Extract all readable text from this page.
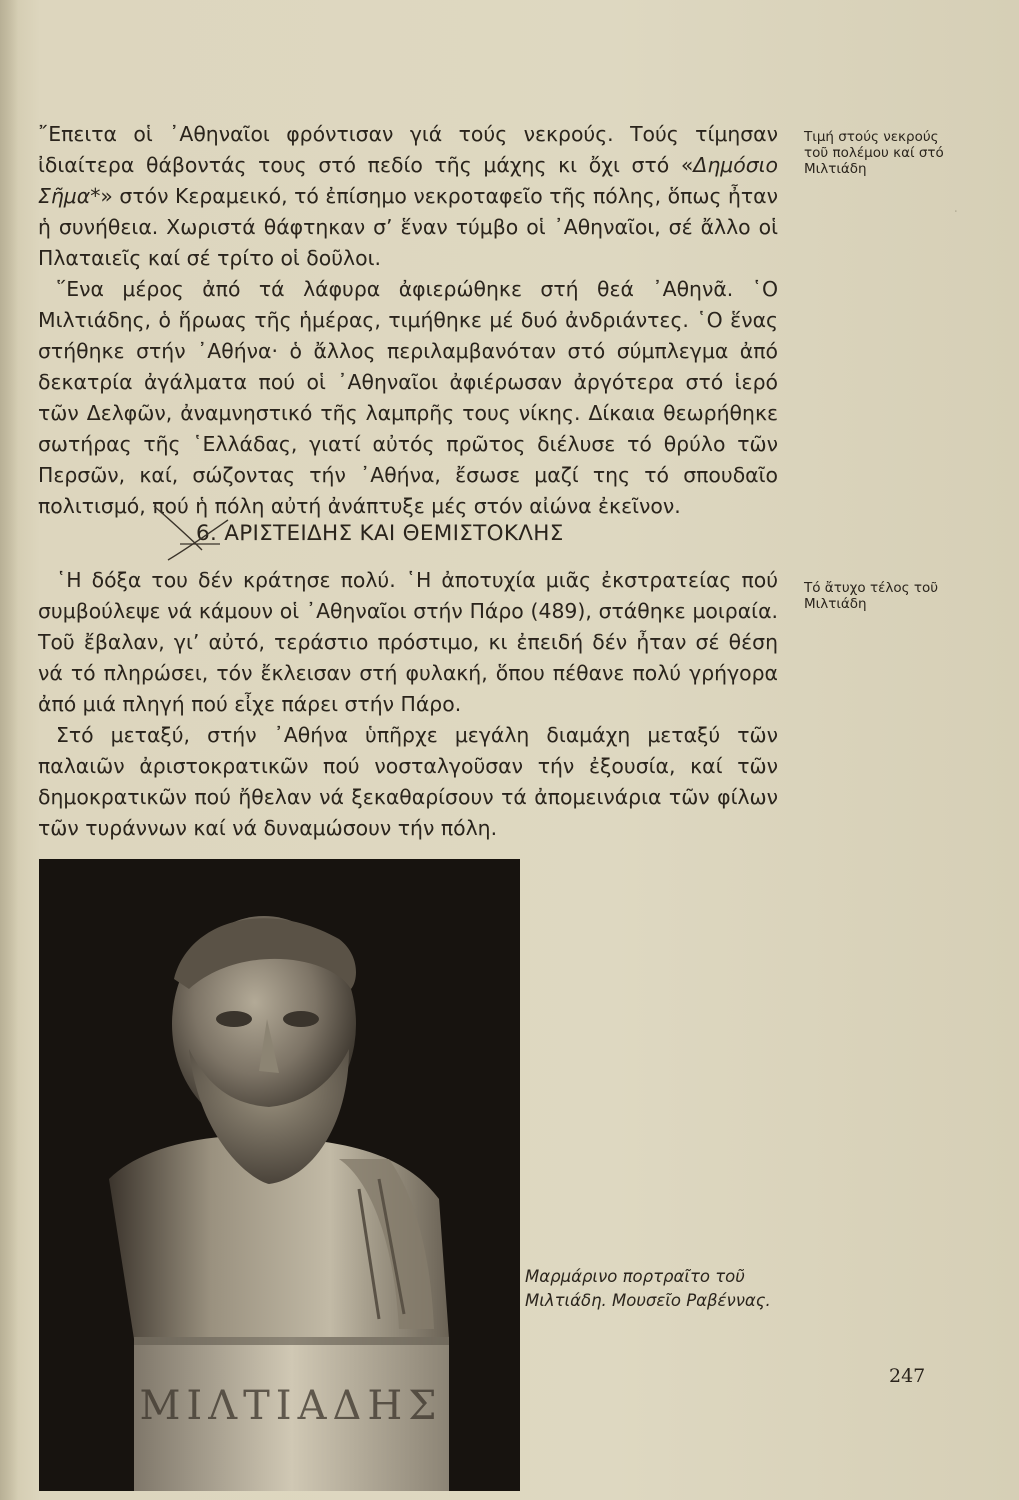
·

῎Επειτα οἱ ᾿Αθηναῖοι φρόντισαν γιά τούς νεκρούς. Τούς τίμησαν ἰδιαίτερα θάβοντάς τους στό πεδίο τῆς μάχης κι ὄχι στό «Δημόσιο Σῆμα*» στόν Κεραμεικό, τό ἐπίσημο νεκροταφεῖο τῆς πόλης, ὅπως ἦταν ἡ συνήθεια. Χωριστά θάφτηκαν σ’ ἕναν τύμβο οἱ ᾿Αθηναῖοι, σέ ἄλλο οἱ Πλαταιεῖς καί σέ τρίτο οἱ δοῦλοι.

῞Ενα μέρος ἀπό τά λάφυρα ἀφιερώθηκε στή θεά ᾿Αθηνᾶ. ῾Ο Μιλτιάδης, ὁ ἥρωας τῆς ἡμέρας, τιμήθηκε μέ δυό ἀνδριάντες. ῾Ο ἕνας στήθηκε στήν ᾿Αθήνα· ὁ ἄλλος περιλαμβανόταν στό σύμπλεγμα ἀπό δεκατρία ἀγάλματα πού οἱ ᾿Αθηναῖοι ἀφιέρωσαν ἀργότερα στό ἱερό τῶν Δελφῶν, ἀναμνηστικό τῆς λαμπρῆς τους νίκης. Δίκαια θεωρήθηκε σωτήρας τῆς ῾Ελλάδας, γιατί αὐτός πρῶτος διέλυσε τό θρύλο τῶν Περσῶν, καί, σώζοντας τήν ᾿Αθήνα, ἔσωσε μαζί της τό σπουδαῖο πολιτισμό, πού ἡ πόλη αὐτή ἀνάπτυξε μές στόν αἰώνα ἐκεῖνον.

6. ΑΡΙΣΤΕΙΔΗΣ ΚΑΙ ΘΕΜΙΣΤΟΚΛΗΣ

῾Η δόξα του δέν κράτησε πολύ. ῾Η ἀποτυχία μιᾶς ἐκστρατείας πού συμβούλεψε νά κάμουν οἱ ᾿Αθηναῖοι στήν Πάρο (489), στάθηκε μοιραία. Τοῦ ἔβαλαν, γι’ αὐτό, τεράστιο πρόστιμο, κι ἐπειδή δέν ἦταν σέ θέση νά τό πληρώσει, τόν ἔκλεισαν στή φυλακή, ὅπου πέθανε πολύ γρήγορα ἀπό μιά πληγή πού εἶχε πάρει στήν Πάρο.

Στό μεταξύ, στήν ᾿Αθήνα ὑπῆρχε μεγάλη διαμάχη μεταξύ τῶν παλαιῶν ἀριστοκρατικῶν πού νοσταλγοῦσαν τήν ἐξουσία, καί τῶν δημοκρατικῶν πού ἤθελαν νά ξεκαθαρίσουν τά ἀπομεινάρια τῶν φίλων τῶν τυράννων καί νά δυναμώσουν τήν πόλη.

Τιμή στούς νεκρούς τοῦ πολέμου καί στό Μιλτιάδη
Τό ἄτυχο τέλος τοῦ Μιλτιάδη
ΜΙΛΤΙΑΔΗΣ
Μαρμάρινο πορτραῖτο τοῦ Μιλτιάδη. Μουσεῖο Ραβέννας.
247
